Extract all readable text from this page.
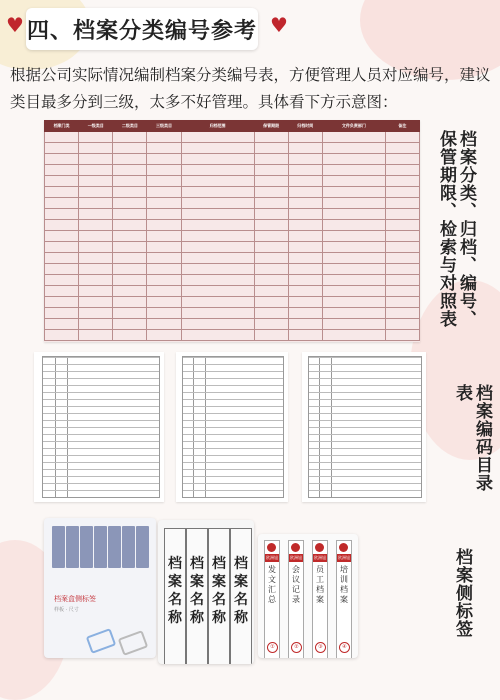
♥ 四、档案分类编号参考 ♥
根据公司实际情况编制档案分类编号表，方便管理人员对应编号，建议类目最多分到三级，太多不好管理。具体看下方示意图：
档案门类	一级类目	二级类目	三级类目	归档范围	保管期限	归档时间	文件负责部门	备注

档案分类、归档、编号、保管期限、检索与对照表
档案编码目录表
档案盒侧标签
样板 · 尺寸
档案名称
档案名称
档案名称
档案名称
欧洲旭
发文汇总
①
欧洲旭
会议记录
②
欧洲旭
员工档案
③
欧洲旭
培训档案
④
档案侧标签
